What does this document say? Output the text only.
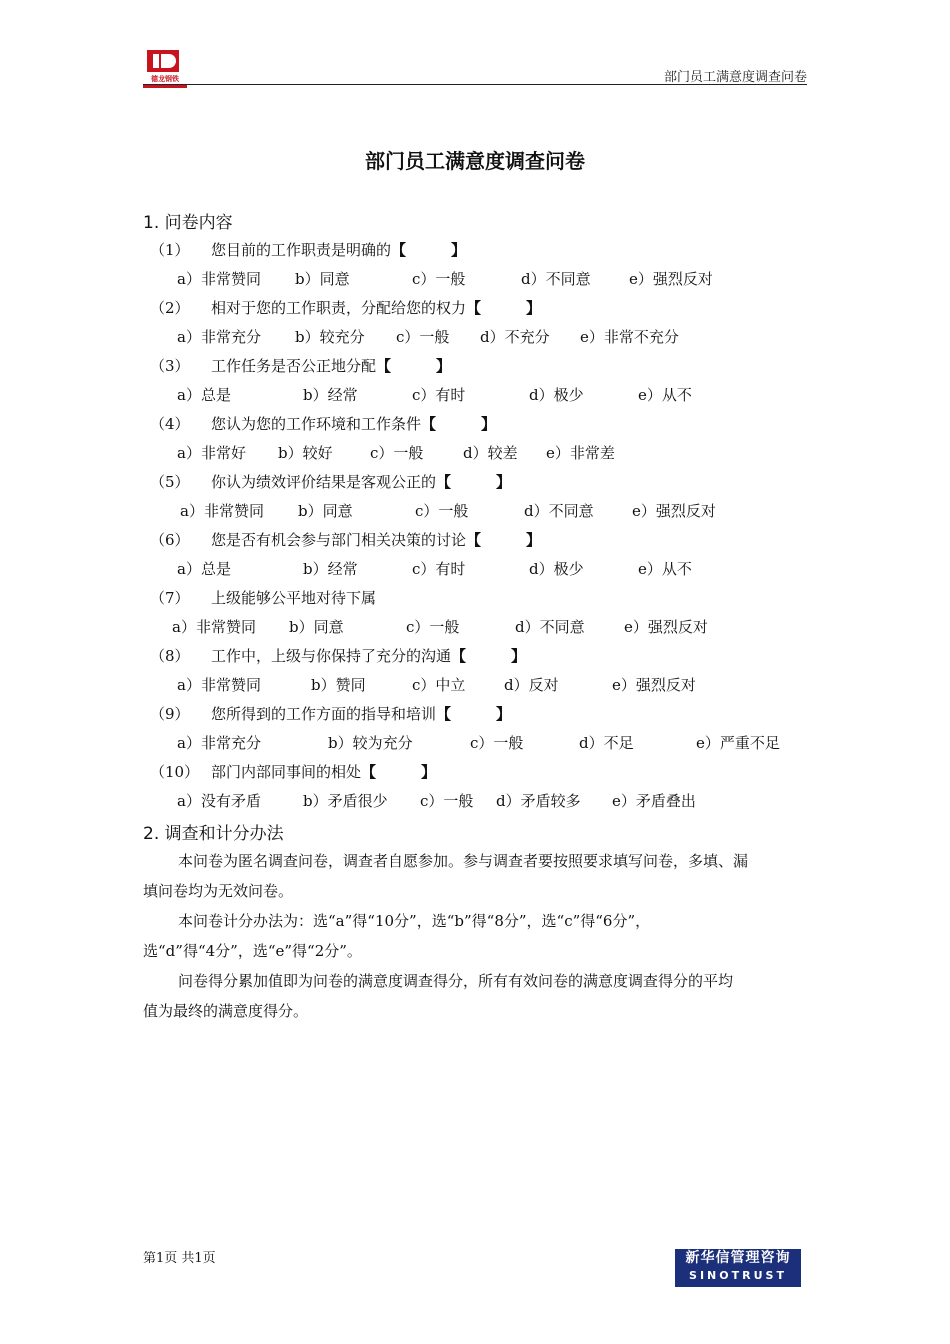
德龙钢铁	部门员工满意度调查问卷
部门员工满意度调查问卷
1. 问卷内容
（1） 您目前的工作职责是明确的【　　　】
a）非常赞同 b）同意	c）一般	d）不同意	e）强烈反对
（2） 相对于您的工作职责，分配给您的权力【　　　】
a）非常充分 b）较充分 c）一般 d）不充分 e）非常不充分
（3） 工作任务是否公正地分配【　　　】
a）总是	b）经常	c）有时	d）极少	e）从不
（4） 您认为您的工作环境和工作条件【　　　】
a）非常好 b）较好 c）一般	d）较差 e）非常差
（5） 你认为绩效评价结果是客观公正的【　　　】
a）非常赞同 b）同意	c）一般	d）不同意	e）强烈反对
（6） 您是否有机会参与部门相关决策的讨论【　　　】
a）总是	b）经常	c）有时	d）极少	e）从不
（7） 上级能够公平地对待下属
a）非常赞同 b）同意	c）一般	d）不同意	e）强烈反对
（8） 工作中，上级与你保持了充分的沟通【　　　】
a）非常赞同	b）赞同	c）中立	d）反对	e）强烈反对
（9） 您所得到的工作方面的指导和培训【　　　】
a）非常充分	b）较为充分	c）一般	d）不足	e）严重不足
（10） 部门内部同事间的相处【　　　】
a）没有矛盾	b）矛盾很少 c）一般 d）矛盾较多 e）矛盾叠出
2. 调查和计分办法
本问卷为匿名调查问卷，调查者自愿参加。参与调查者要按照要求填写问卷，多填、漏
填问卷均为无效问卷。
本问卷计分办法为：选“a”得“10分”，选“b”得“8分”，选“c”得“6分”，
选“d”得“4分”，选“e”得“2分”。
问卷得分累加值即为问卷的满意度调查得分，所有有效问卷的满意度调查得分的平均
值为最终的满意度得分。
第1页 共1页	新华信管理咨询
SINOTRUST
